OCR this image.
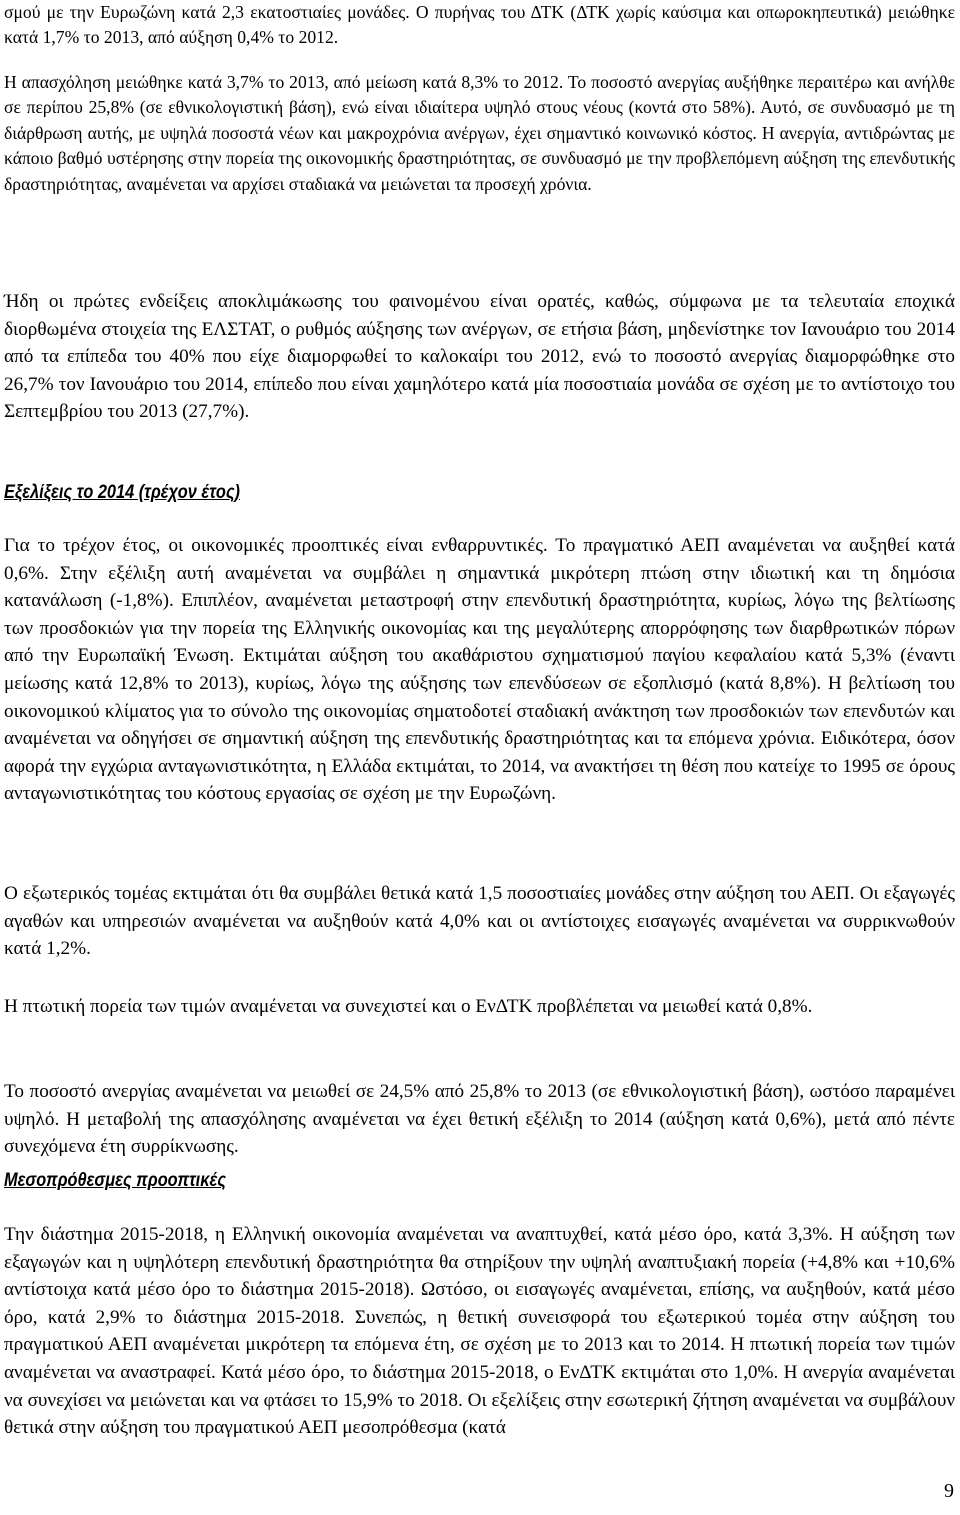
σμού με την Ευρωζώνη κατά 2,3 εκατοστιαίες μονάδες. Ο πυρήνας του ΔΤΚ (ΔΤΚ χωρίς καύσιμα και οπωροκηπευτικά) μειώθηκε κατά 1,7% το 2013, από αύξηση 0,4% το 2012.

Η απασχόληση μειώθηκε κατά 3,7% το 2013, από μείωση κατά 8,3% το 2012. Το ποσοστό ανεργίας αυξήθηκε περαιτέρω και ανήλθε σε περίπου 25,8% (σε εθνικολογιστική βάση), ενώ είναι ιδιαίτερα υψηλό στους νέους (κοντά στο 58%). Αυτό, σε συνδυασμό με τη διάρθρωση αυτής, με υψηλά ποσοστά νέων και μακροχρόνια ανέργων, έχει σημαντικό κοινωνικό κόστος. Η ανεργία, αντιδρώντας με κάποιο βαθμό υστέρησης στην πορεία της οικονομικής δραστηριότητας, σε συνδυασμό με την προβλεπόμενη αύξηση της επενδυτικής δραστηριότητας, αναμένεται να αρχίσει σταδιακά να μειώνεται τα προσεχή χρόνια.

Ήδη οι πρώτες ενδείξεις αποκλιμάκωσης του φαινομένου είναι ορατές, καθώς, σύμφωνα με τα τελευταία εποχικά διορθωμένα στοιχεία της ΕΛΣΤΑΤ, ο ρυθμός αύξησης των ανέργων, σε ετήσια βάση, μηδενίστηκε τον Ιανουάριο του 2014 από τα επίπεδα του 40% που είχε διαμορφωθεί το καλοκαίρι του 2012, ενώ το ποσοστό ανεργίας διαμορφώθηκε στο 26,7% τον Ιανουάριο του 2014, επίπεδο που είναι χαμηλότερο κατά μία ποσοστιαία μονάδα σε σχέση με το αντίστοιχο του Σεπτεμβρίου του 2013 (27,7%).

Εξελίξεις το 2014 (τρέχον έτος)

Για το τρέχον έτος, οι οικονομικές προοπτικές είναι ενθαρρυντικές. Το πραγματικό ΑΕΠ αναμένεται να αυξηθεί κατά 0,6%. Στην εξέλιξη αυτή αναμένεται να συμβάλει η σημαντικά μικρότερη πτώση στην ιδιωτική και τη δημόσια κατανάλωση (-1,8%). Επιπλέον, αναμένεται μεταστροφή στην επενδυτική δραστηριότητα, κυρίως, λόγω της βελτίωσης των προσδοκιών για την πορεία της Ελληνικής οικονομίας και της μεγαλύτερης απορρόφησης των διαρθρωτικών πόρων από την Ευρωπαϊκή Ένωση. Εκτιμάται αύξηση του ακαθάριστου σχηματισμού παγίου κεφαλαίου κατά 5,3% (έναντι μείωσης κατά 12,8% το 2013), κυρίως, λόγω της αύξησης των επενδύσεων σε εξοπλισμό (κατά 8,8%). Η βελτίωση του οικονομικού κλίματος για το σύνολο της οικονομίας σηματοδοτεί σταδιακή ανάκτηση των προσδοκιών των επενδυτών και αναμένεται να οδηγήσει σε σημαντική αύξηση της επενδυτικής δραστηριότητας και τα επόμενα χρόνια. Ειδικότερα, όσον αφορά την εγχώρια ανταγωνιστικότητα, η Ελλάδα εκτιμάται, το 2014, να ανακτήσει τη θέση που κατείχε το 1995 σε όρους ανταγωνιστικότητας του κόστους εργασίας σε σχέση με την Ευρωζώνη.

Ο εξωτερικός τομέας εκτιμάται ότι θα συμβάλει θετικά κατά 1,5 ποσοστιαίες μονάδες στην αύξηση του ΑΕΠ. Οι εξαγωγές αγαθών και υπηρεσιών αναμένεται να αυξηθούν κατά 4,0% και οι αντίστοιχες εισαγωγές αναμένεται να συρρικνωθούν κατά 1,2%.

Η πτωτική πορεία των τιμών αναμένεται να συνεχιστεί και ο ΕνΔΤΚ προβλέπεται να μειωθεί κατά 0,8%.

Το ποσοστό ανεργίας αναμένεται να μειωθεί σε 24,5% από 25,8% το 2013 (σε εθνικολογιστική βάση), ωστόσο παραμένει υψηλό. Η μεταβολή της απασχόλησης αναμένεται να έχει θετική εξέλιξη το 2014 (αύξηση κατά 0,6%), μετά από πέντε συνεχόμενα έτη συρρίκνωσης.

Μεσοπρόθεσμες προοπτικές

Την διάστημα 2015-2018, η Ελληνική οικονομία αναμένεται να αναπτυχθεί, κατά μέσο όρο, κατά 3,3%. Η αύξηση των εξαγωγών και η υψηλότερη επενδυτική δραστηριότητα θα στηρίξουν την υψηλή αναπτυξιακή πορεία (+4,8% και +10,6% αντίστοιχα κατά μέσο όρο το διάστημα 2015-2018). Ωστόσο, οι εισαγωγές αναμένεται, επίσης, να αυξηθούν, κατά μέσο όρο, κατά 2,9% το διάστημα 2015-2018. Συνεπώς, η θετική συνεισφορά του εξωτερικού τομέα στην αύξηση του πραγματικού ΑΕΠ αναμένεται μικρότερη τα επόμενα έτη, σε σχέση με το 2013 και το 2014. Η πτωτική πορεία των τιμών αναμένεται να αναστραφεί. Κατά μέσο όρο, το διάστημα 2015-2018, ο ΕνΔΤΚ εκτιμάται στο 1,0%. Η ανεργία αναμένεται να συνεχίσει να μειώνεται και να φτάσει το 15,9% το 2018. Οι εξελίξεις στην εσωτερική ζήτηση αναμένεται να συμβάλουν θετικά στην αύξηση του πραγματικού ΑΕΠ μεσοπρόθεσμα (κατά

9
